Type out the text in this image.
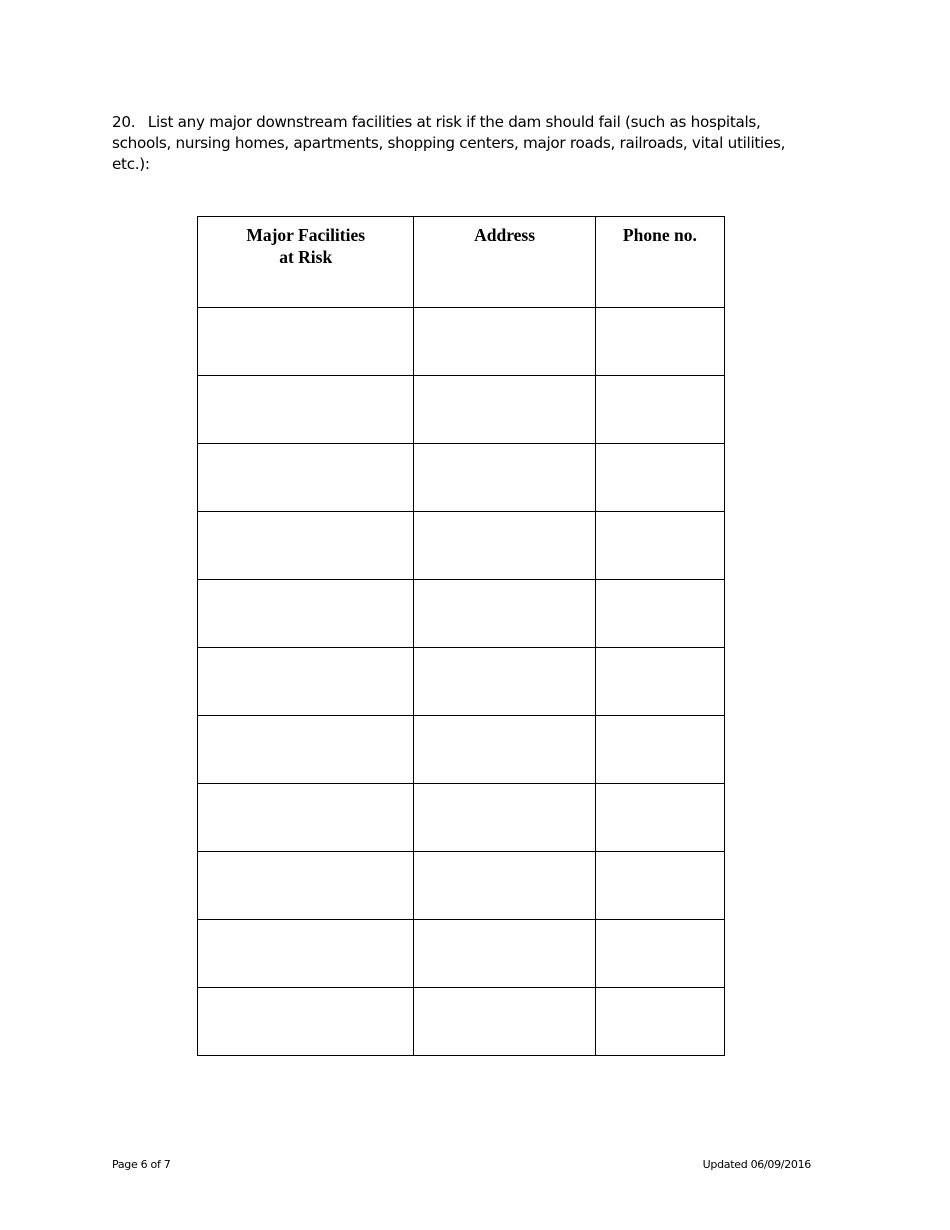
20. List any major downstream facilities at risk if the dam should fail (such as hospitals, schools, nursing homes, apartments, shopping centers, major roads, railroads, vital utilities, etc.):

Major Facilities
at Risk	Address	Phone no.

Page 6 of 7	Updated 06/09/2016
